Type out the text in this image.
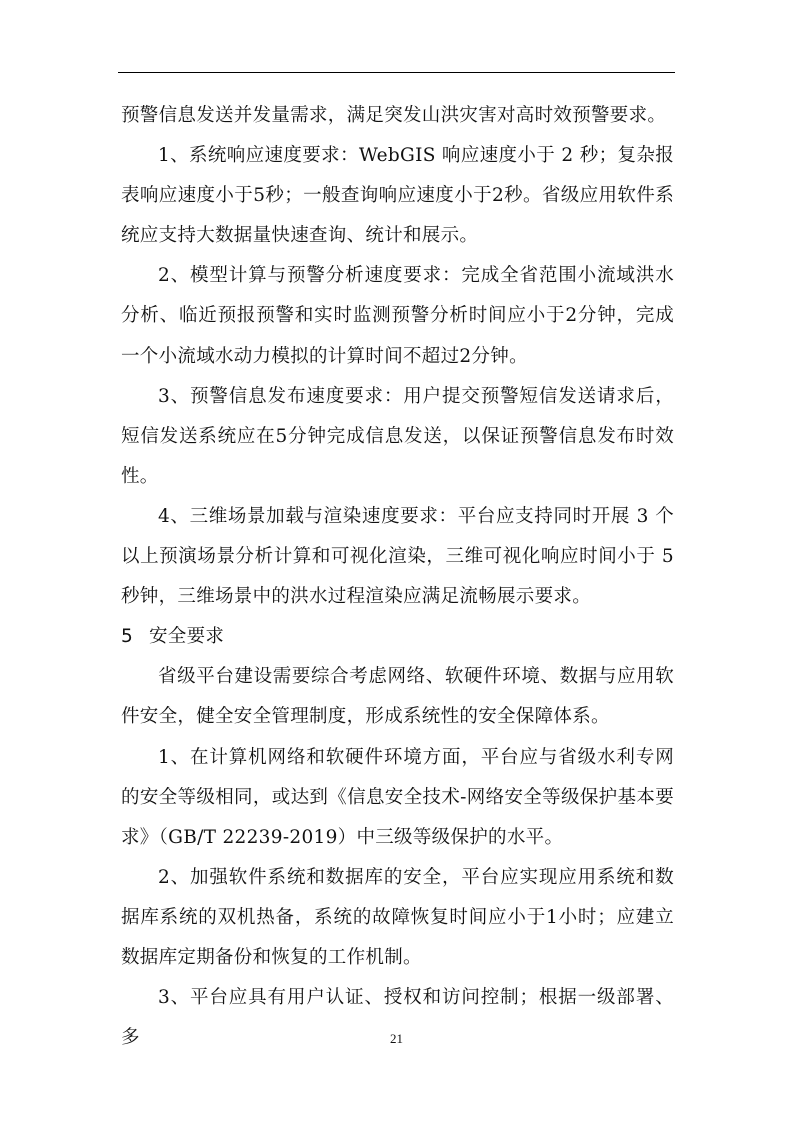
预警信息发送并发量需求，满足突发山洪灾害对高时效预警要求。

1、系统响应速度要求：WebGIS 响应速度小于 2 秒；复杂报表响应速度小于5秒；一般查询响应速度小于2秒。省级应用软件系统应支持大数据量快速查询、统计和展示。

2、模型计算与预警分析速度要求：完成全省范围小流域洪水分析、临近预报预警和实时监测预警分析时间应小于2分钟，完成一个小流域水动力模拟的计算时间不超过2分钟。

3、预警信息发布速度要求：用户提交预警短信发送请求后，短信发送系统应在5分钟完成信息发送，以保证预警信息发布时效性。

4、三维场景加载与渲染速度要求：平台应支持同时开展 3 个以上预演场景分析计算和可视化渲染，三维可视化响应时间小于 5 秒钟，三维场景中的洪水过程渲染应满足流畅展示要求。

5 安全要求

省级平台建设需要综合考虑网络、软硬件环境、数据与应用软件安全，健全安全管理制度，形成系统性的安全保障体系。

1、在计算机网络和软硬件环境方面，平台应与省级水利专网的安全等级相同，或达到《信息安全技术-网络安全等级保护基本要求》（GB/T 22239-2019）中三级等级保护的水平。

2、加强软件系统和数据库的安全，平台应实现应用系统和数据库系统的双机热备，系统的故障恢复时间应小于1小时；应建立数据库定期备份和恢复的工作机制。

3、平台应具有用户认证、授权和访问控制；根据一级部署、多	21
